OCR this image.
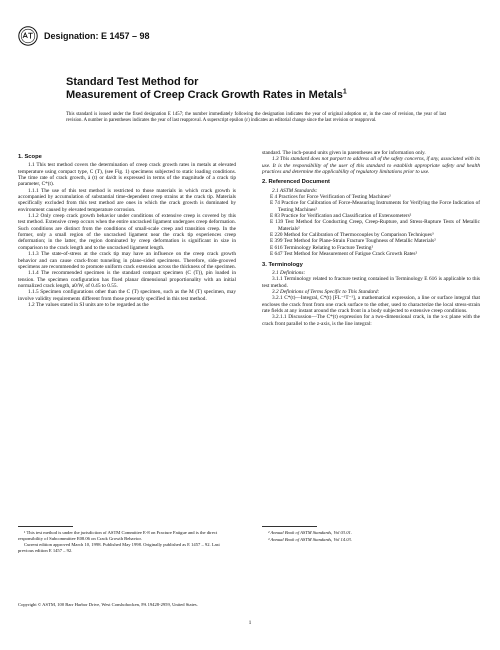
Designation: E 1457 – 98
Standard Test Method for
Measurement of Creep Crack Growth Rates in Metals$^1$
This standard is issued under the fixed designation E 1457; the number immediately following the designation indicates the year of original adoption or, in the case of revision, the year of last revision. A number in parentheses indicates the year of last reapproval. A superscript epsilon (ε) indicates an editorial change since the last revision or reapproval.

1. Scope

1.1 This test method covers the determination of creep crack growth rates in metals at elevated temperature using compact type, C (T), (see Fig. 1) specimens subjected to static loading conditions. The time rate of crack growth, ȧ (t) or da/dt is expressed in terms of the magnitude of a crack tip parameter, C*(t).

1.1.1 The use of this test method is restricted to those materials in which crack growth is accompanied by accumulation of substantial time-dependent creep strains at the crack tip. Materials specifically excluded from this test method are ones in which the crack growth is dominated by environment caused by elevated temperature corrosion.

1.1.2 Only creep crack growth behavior under conditions of extensive creep is covered by this test method. Extensive creep occurs when the entire uncracked ligament undergoes creep deformation. Such conditions are distinct from the conditions of small-scale creep and transition creep. In the former, only a small region of the uncracked ligament near the crack tip experiences creep deformation; in the latter, the region dominated by creep deformation is significant in size in comparison to the crack length and to the uncracked ligament length.

1.1.3 The state-of-stress at the crack tip may have an influence on the creep crack growth behavior and can cause crack-front tunneling in plane-sided specimens. Therefore, side-grooved specimens are recommended to promote uniform crack extension across the thickness of the specimen.

1.1.4 The recommended specimen is the standard compact specimen (C (T)), pin loaded in tension. The specimen configuration has fixed planar dimensional proportionality with an initial normalized crack length, a0/W, of 0.45 to 0.55.

1.1.5 Specimen configurations other than the C (T) specimen, such as the M (T) specimen, may involve validity requirements different from those presently specified in this test method.

1.2 The values stated in SI units are to be regarded as the

standard. The inch-pound units given in parentheses are for information only.

1.3 This standard does not purport to address all of the safety concerns, if any, associated with its use. It is the responsibility of the user of this standard to establish appropriate safety and health practices and determine the applicability of regulatory limitations prior to use.

2. Referenced Document

2.1 ASTM Standards:

E 4 Practices for Force Verification of Testing Machines²
E 74 Practice for Calibration of Force-Measuring Instruments for Verifying the Force Indication of Testing Machines²
E 83 Practice for Verification and Classification of Extensometers²
E 139 Test Method for Conducting Creep, Creep-Rupture, and Stress-Rupture Tests of Metallic Materials²
E 220 Method for Calibration of Thermocouples by Comparison Techniques³
E 399 Test Method for Plane-Strain Fracture Toughness of Metallic Materials²
E 616 Terminology Relating to Fracture Testing²
E 647 Test Method for Measurement of Fatigue Crack Growth Rates²

3. Terminology

3.1 Definitions:

3.1.1 Terminology related to fracture testing contained in Terminology E 616 is applicable to this test method.

3.2 Definitions of Terms Specific to This Standard:

3.2.1 C*(t)—Integral, C*(t) [FL⁻¹T⁻¹], a mathematical expression, a line or surface integral that encloses the crack front from one crack surface to the other, used to characterize the local stress-strain rate fields at any instant around the crack front in a body subjected to extensive creep conditions.

3.2.1.1 Discussion—The C*(t) expression for a two-dimensional crack, in the x-z plane with the crack front parallel to the z-axis, is the line integral:

¹ This test method is under the jurisdiction of ASTM Committee E-8 on Fracture Fatigue and is the direct responsibility of Subcommittee E08.06 on Crack Growth Behavior.

Current edition approved March 10, 1998. Published May 1998. Originally published as E 1457 – 92. Last previous edition E 1457 – 92.

² Annual Book of ASTM Standards, Vol 03.01.

³ Annual Book of ASTM Standards, Vol 14.03.

Copyright © ASTM, 100 Barr Harbor Drive, West Conshohocken, PA 19428-2959, United States.
1
